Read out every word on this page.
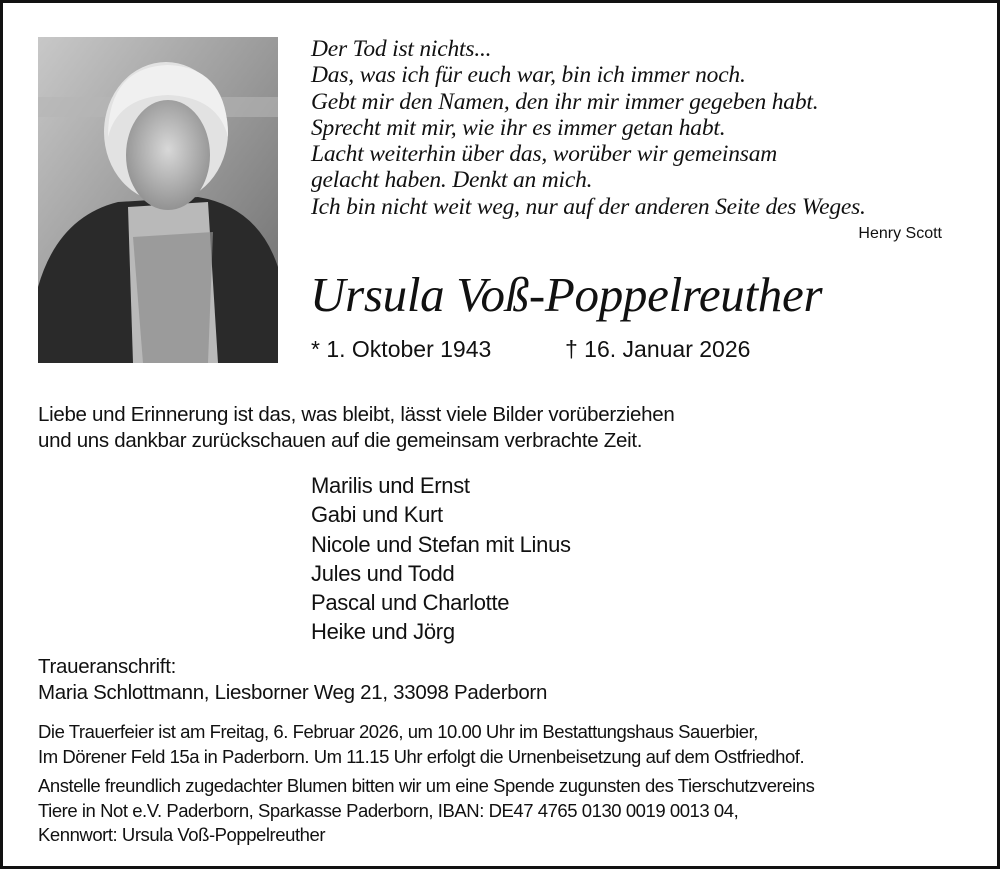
Der Tod ist nichts...
Das, was ich für euch war, bin ich immer noch.
Gebt mir den Namen, den ihr mir immer gegeben habt.
Sprecht mit mir, wie ihr es immer getan habt.
Lacht weiterhin über das, worüber wir gemeinsam
gelacht haben. Denkt an mich.
Ich bin nicht weit weg, nur auf der anderen Seite des Weges.
Henry Scott
Ursula Voß-Poppelreuther
* 1. Oktober 1943	† 16. Januar 2026
Liebe und Erinnerung ist das, was bleibt, lässt viele Bilder vorüberziehen
und uns dankbar zurückschauen auf die gemeinsam verbrachte Zeit.
Marilis und Ernst
Gabi und Kurt
Nicole und Stefan mit Linus
Jules und Todd
Pascal und Charlotte
Heike und Jörg
Traueranschrift:
Maria Schlottmann, Liesborner Weg 21, 33098 Paderborn
Die Trauerfeier ist am Freitag, 6. Februar 2026, um 10.00 Uhr im Bestattungshaus Sauerbier,
Im Dörener Feld 15a in Paderborn. Um 11.15 Uhr erfolgt die Urnenbeisetzung auf dem Ostfriedhof.
Anstelle freundlich zugedachter Blumen bitten wir um eine Spende zugunsten des Tierschutzvereins
Tiere in Not e.V. Paderborn, Sparkasse Paderborn, IBAN: DE47 4765 0130 0019 0013 04,
Kennwort: Ursula Voß-Poppelreuther
